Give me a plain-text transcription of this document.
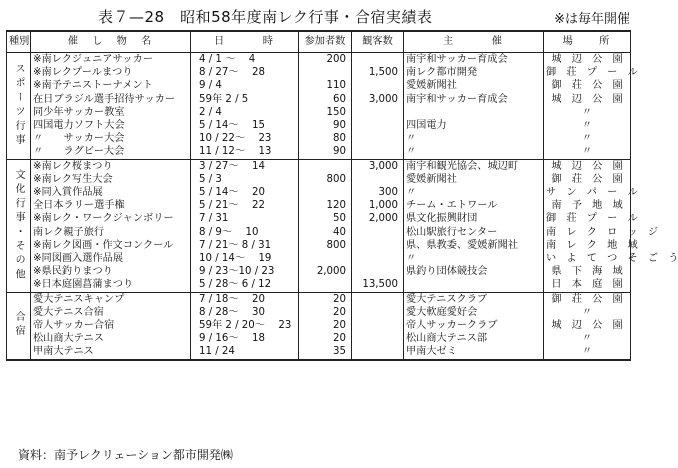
表７—28　昭和58年度南レク行事・合宿実績表	※は毎年開催
種別	催　し　物　名	日　　　時	参加者数	観客数	主　　　催	場　　所
スポーツ行事	※南レクジュニアサッカー	4 / 1 ～　 4	200		南宇和サッカー育成会	城　辺　公　園
	※南レクプールまつり	8 / 27～　 28		1,500	南レク都市開発	御　荘　プ　ー　ル
	※南予テニストーナメント	9 / 4	110		愛媛新聞社	御　荘　公　園
	在日ブラジル選手招待サッカー	59年 2 / 5	60	3,000	南宇和サッカー育成会	城　辺　公　園
	同少年サッカー教室	2 / 4	150			〃
	四国電力ソフト大会	5 / 14～　 15	90		四国電力	〃
	〃　　サッカー大会	10 / 22～　 23	80		〃	〃
	〃　　ラグビー大会	11 / 12～　 13	90		〃	〃
文化行事・その他	※南レク桜まつり	3 / 27～　 14		3,000	南宇和観光協会、城辺町	城　辺　公　園
	※南レク写生大会	5 / 3	800		愛媛新聞社	御　荘　公　園
	※同入賞作品展	5 / 14～　 20		300	〃	サ　ン　パ　ー　ル
	全日本ラリー選手権	5 / 21～　 22	120	1,000	チーム・エトワール	南　予　地　域
	※南レク・ワークジャンボリー	7 / 31	50	2,000	県文化振興財団	御　荘　プ　ー　ル
	南レク親子旅行	8 / 9～　 10	40		松山駅旅行センター	南　レ　ク　ロ　ッ　ジ
	※南レク図画・作文コンクール	7 / 21～ 8 / 31	800		県、県教委、愛媛新聞社	南　レ　ク　地　域
	※同図画入選作品展	10 / 14～　 19			〃	い　よ　て　つ　そ　ご　う
	※県民釣りまつり	9 / 23～10 / 23	2,000		県釣り団体競技会	県　下　海　域
	※日本庭園菖蒲まつり	5 / 28～ 6 / 12		13,500		日　本　庭　園
合宿	愛大テニスキャンプ	7 / 18～　 20	20		愛大テニスクラブ	御　荘　公　園
	愛大テニス合宿	8 / 28～　 30	20		愛大軟庭愛好会	〃
	帝人サッカー合宿	59年 2 / 20～　 23	20		帝人サッカークラブ	城　辺　公　園
	松山商大テニス	9 / 16～　 18	20		松山商大テニス部	〃
	甲南大テニス	11 / 24	35		甲南大ゼミ	〃
資料：南予レクリェーション都市開発㈱
